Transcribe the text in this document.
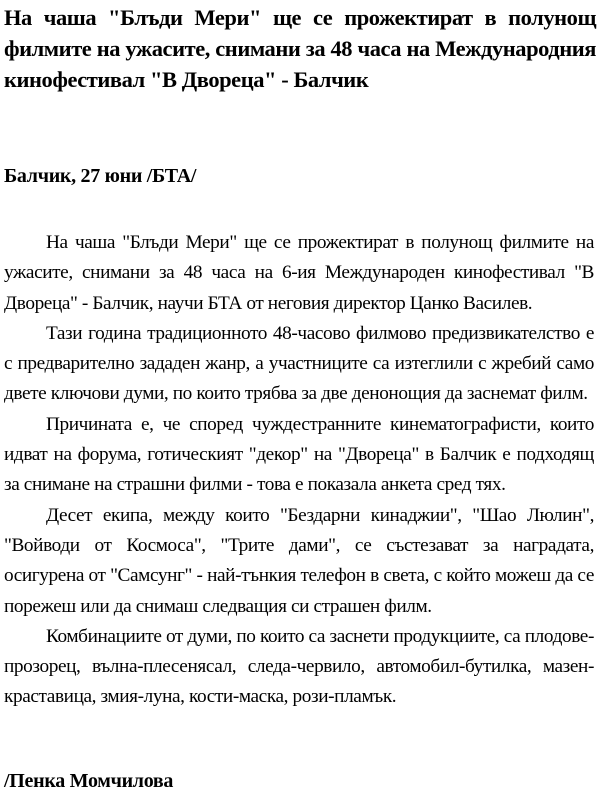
На чаша "Блъди Мери" ще се прожектират в полунощ филмите на ужасите, снимани за 48 часа на Международния кинофестивал "В Двореца" - Балчик
Балчик, 27 юни /БТА/

На чаша "Блъди Мери" ще се прожектират в полунощ филмите на ужасите, снимани за 48 часа на 6-ия Международен кинофестивал "В Двореца" - Балчик, научи БТА от неговия директор Цанко Василев.

Тази година традиционното 48-часово филмово предизвикателство е с предварително зададен жанр, а участниците са изтеглили с жребий само двете ключови думи, по които трябва за две денонощия да заснемат филм.

Причината е, че според чуждестранните кинематографисти, които идват на форума, готическият "декор" на "Двореца" в Балчик е подходящ за снимане на страшни филми - това е показала анкета сред тях.

Десет екипа, между които "Бездарни кинаджии", "Шао Люлин", "Войводи от Космоса", "Трите дами", се състезават за наградата, осигурена от "Самсунг" - най-тънкия телефон в света, с който можеш да се порежеш или да снимаш следващия си страшен филм.

Комбинациите от думи, по които са заснети продукциите, са плодове-прозорец, вълна-плесенясал, следа-червило, автомобил-бутилка, мазен-краставица, змия-луна, кости-маска, рози-пламък.

/Пенка Момчилова
